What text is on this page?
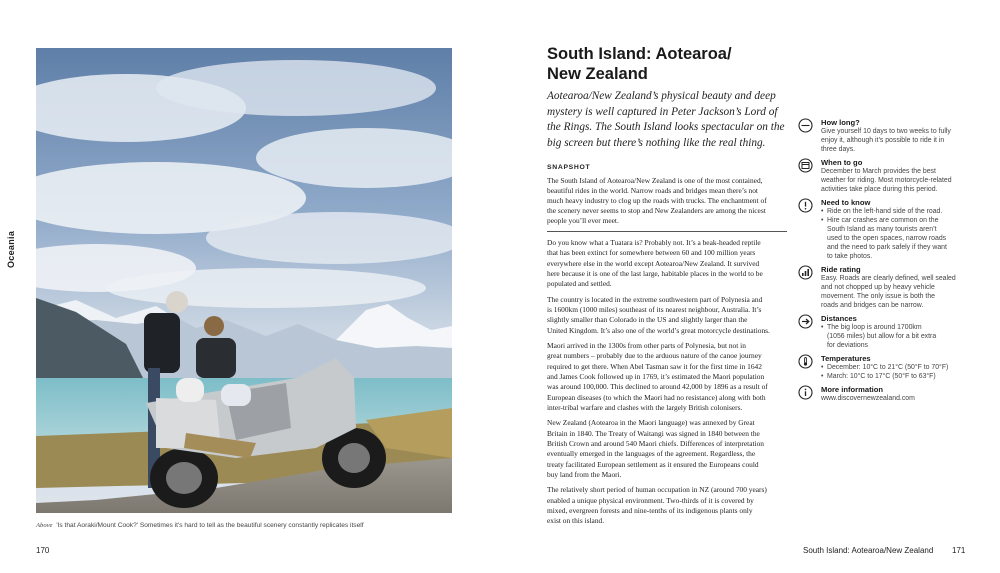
Oceania
Above 'Is that Aoraki/Mount Cook?' Sometimes it's hard to tell as the beautiful scenery constantly replicates itself
170
South Island: Aotearoa/
New Zealand
Aotearoa/New Zealand’s physical beauty and deep
mystery is well captured in Peter Jackson’s Lord of
the Rings. The South Island looks spectacular on the
big screen but there’s nothing like the real thing.
SNAPSHOT
The South Island of Aotearoa/New Zealand is one of the most contained,
beautiful rides in the world. Narrow roads and bridges mean there’s not
much heavy industry to clog up the roads with trucks. The enchantment of
the scenery never seems to stop and New Zealanders are among the nicest
people you’ll ever meet.

Do you know what a Tuatara is? Probably not. It’s a beak-headed reptile
that has been extinct for somewhere between 60 and 100 million years
everywhere else in the world except Aotearoa/New Zealand. It survived
here because it is one of the last large, habitable places in the world to be
populated and settled.

The country is located in the extreme southwestern part of Polynesia and
is 1600km (1000 miles) southeast of its nearest neighbour, Australia. It’s
slightly smaller than Colorado in the US and slightly larger than the
United Kingdom. It’s also one of the world’s great motorcycle destinations.

Maori arrived in the 1300s from other parts of Polynesia, but not in
great numbers – probably due to the arduous nature of the canoe journey
required to get there. When Abel Tasman saw it for the first time in 1642
and James Cook followed up in 1769, it’s estimated the Maori population
was around 100,000. This declined to around 42,000 by 1896 as a result of
European diseases (to which the Maori had no resistance) along with both
inter-tribal warfare and clashes with the largely British colonisers.

New Zealand (Aotearoa in the Maori language) was annexed by Great
Britain in 1840. The Treaty of Waitangi was signed in 1840 between the
British Crown and around 540 Maori chiefs. Differences of interpretation
eventually emerged in the languages of the agreement. Regardless, the
treaty facilitated European settlement as it ensured the Europeans could
buy land from the Maori.

The relatively short period of human occupation in NZ (around 700 years)
enabled a unique physical environment. Two-thirds of it is covered by
mixed, evergreen forests and nine-tenths of its indigenous plants only
exist on this island.

How long?
Give yourself 10 days to two weeks to fully
enjoy it, although it’s possible to ride it in
three days.
When to go
December to March provides the best
weather for riding. Most motorcycle-related
activities take place during this period.
Need to know
• Ride on the left-hand side of the road.
• Hire car crashes are common on the
South Island as many tourists aren’t
used to the open spaces, narrow roads
and the need to park safely if they want
to take photos.
Ride rating
Easy. Roads are clearly defined, well sealed
and not chopped up by heavy vehicle
movement. The only issue is both the
roads and bridges can be narrow.
Distances
• The big loop is around 1700km
(1056 miles) but allow for a bit extra
for deviations
Temperatures
• December: 10°C to 21°C (50°F to 70°F)
• March: 10°C to 17°C (50°F to 63°F)
More information
www.discovernewzealand.com
South Island: Aotearoa/New Zealand 171
